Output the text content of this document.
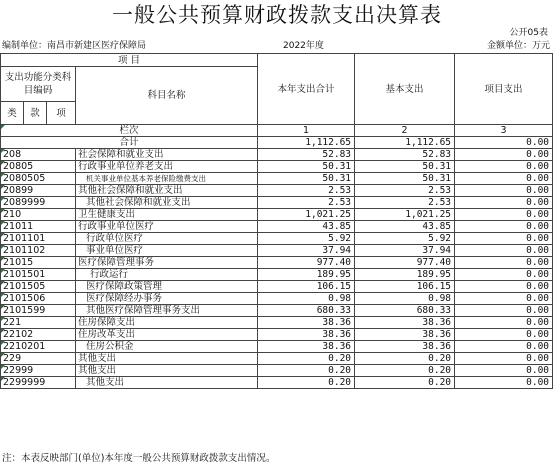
一般公共预算财政拨款支出决算表
公开05表
编制单位：南昌市新建区医疗保障局	2022年度	金额单位：万元
项 目				本年支出合计	基本支出	项目支出
支出功能分类科目编码			科目名称			
类	款	项				

栏次				1	2	3
合计				1,112.65	1,112.65	0.00
208			社会保障和就业支出	52.83	52.83	0.00
20805			行政事业单位养老支出	50.31	50.31	0.00
2080505			机关事业单位基本养老保险缴费支出	50.31	50.31	0.00
20899			其他社会保障和就业支出	2.53	2.53	0.00
2089999			其他社会保障和就业支出	2.53	2.53	0.00
210			卫生健康支出	1,021.25	1,021.25	0.00
21011			行政事业单位医疗	43.85	43.85	0.00
2101101			行政单位医疗	5.92	5.92	0.00
2101102			事业单位医疗	37.94	37.94	0.00
21015			医疗保障管理事务	977.40	977.40	0.00
2101501			行政运行	189.95	189.95	0.00
2101505			医疗保障政策管理	106.15	106.15	0.00
2101506			医疗保障经办事务	0.98	0.98	0.00
2101599			其他医疗保障管理事务支出	680.33	680.33	0.00
221			住房保障支出	38.36	38.36	0.00
22102			住房改革支出	38.36	38.36	0.00
2210201			住房公积金	38.36	38.36	0.00
229			其他支出	0.20	0.20	0.00
22999			其他支出	0.20	0.20	0.00
2299999			其他支出	0.20	0.20	0.00
注：本表反映部门(单位)本年度一般公共预算财政拨款支出情况。
